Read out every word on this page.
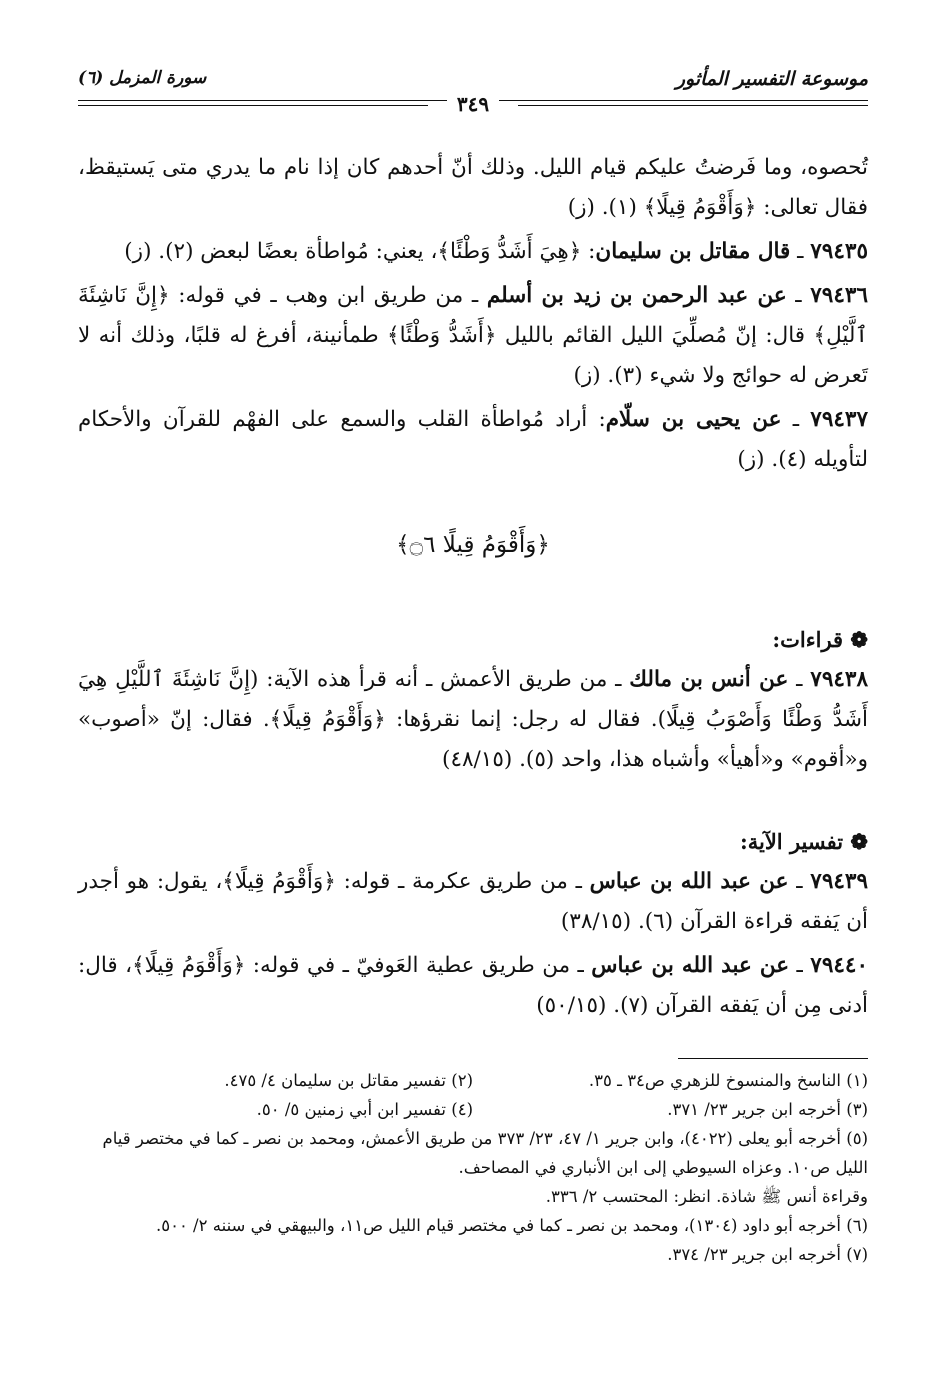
موسوعة التفسير المأثور
سورة المزمل (٦)
٣٤٩
تُحصوه، وما فَرضتُ عليكم قيام الليل. وذلك أنّ أحدهم كان إذا نام ما يدري متى يَستيقظ، فقال تعالى: ﴿وَأَقْوَمُ قِيلًا﴾ (١). (ز)
٧٩٤٣٥ ـ قال مقاتل بن سليمان: ﴿هِيَ أَشَدُّ وَطْئًا﴾، يعني: مُواطأة بعضًا لبعض (٢). (ز)
٧٩٤٣٦ ـ عن عبد الرحمن بن زيد بن أسلم ـ من طريق ابن وهب ـ في قوله: ﴿إِنَّ نَاشِئَةَ ٱلَّيْلِ﴾ قال: إنّ مُصلِّيَ الليل القائم بالليل ﴿أَشَدُّ وَطْئًا﴾ طمأنينة، أفرغ له قلبًا، وذلك أنه لا تَعرض له حوائج ولا شيء (٣). (ز)
٧٩٤٣٧ ـ عن يحيى بن سلّام: أراد مُواطأة القلب والسمع على الفهْم للقرآن والأحكام لتأويله (٤). (ز)
﴿وَأَقْوَمُ قِيلًا ۝٦﴾
❁ قراءات:
٧٩٤٣٨ ـ عن أنس بن مالك ـ من طريق الأعمش ـ أنه قرأ هذه الآية: (إِنَّ نَاشِئَةَ ٱللَّيْلِ هِيَ أَشَدُّ وَطْئًا وَأَصْوَبُ قِيلًا). فقال له رجل: إنما نقرؤها: ﴿وَأَقْوَمُ قِيلًا﴾. فقال: إنّ «أصوب» و«أقوم» و«أهيأ» وأشباه هذا، واحد (٥). (٤٨/١٥)
❁ تفسير الآية:
٧٩٤٣٩ ـ عن عبد الله بن عباس ـ من طريق عكرمة ـ قوله: ﴿وَأَقْوَمُ قِيلًا﴾، يقول: هو أجدر أن يَفقه قراءة القرآن (٦). (٣٨/١٥)
٧٩٤٤٠ ـ عن عبد الله بن عباس ـ من طريق عطية العَوفيّ ـ في قوله: ﴿وَأَقْوَمُ قِيلًا﴾، قال: أدنى مِن أن يَفقه القرآن (٧). (٥٠/١٥)
(١) الناسخ والمنسوخ للزهري ص٣٤ ـ ٣٥.
(٢) تفسير مقاتل بن سليمان ٤/ ٤٧٥.
(٣) أخرجه ابن جرير ٢٣/ ٣٧١.
(٤) تفسير ابن أبي زمنين ٥/ ٥٠.
(٥) أخرجه أبو يعلى (٤٠٢٢)، وابن جرير ١/ ٤٧، ٢٣/ ٣٧٣ من طريق الأعمش، ومحمد بن نصر ـ كما في مختصر قيام الليل ص١٠. وعزاه السيوطي إلى ابن الأنباري في المصاحف.
وقراءة أنس ﷺ شاذة. انظر: المحتسب ٢/ ٣٣٦.
(٦) أخرجه أبو داود (١٣٠٤)، ومحمد بن نصر ـ كما في مختصر قيام الليل ص١١، والبيهقي في سننه ٢/ ٥٠٠.
(٧) أخرجه ابن جرير ٢٣/ ٣٧٤.
